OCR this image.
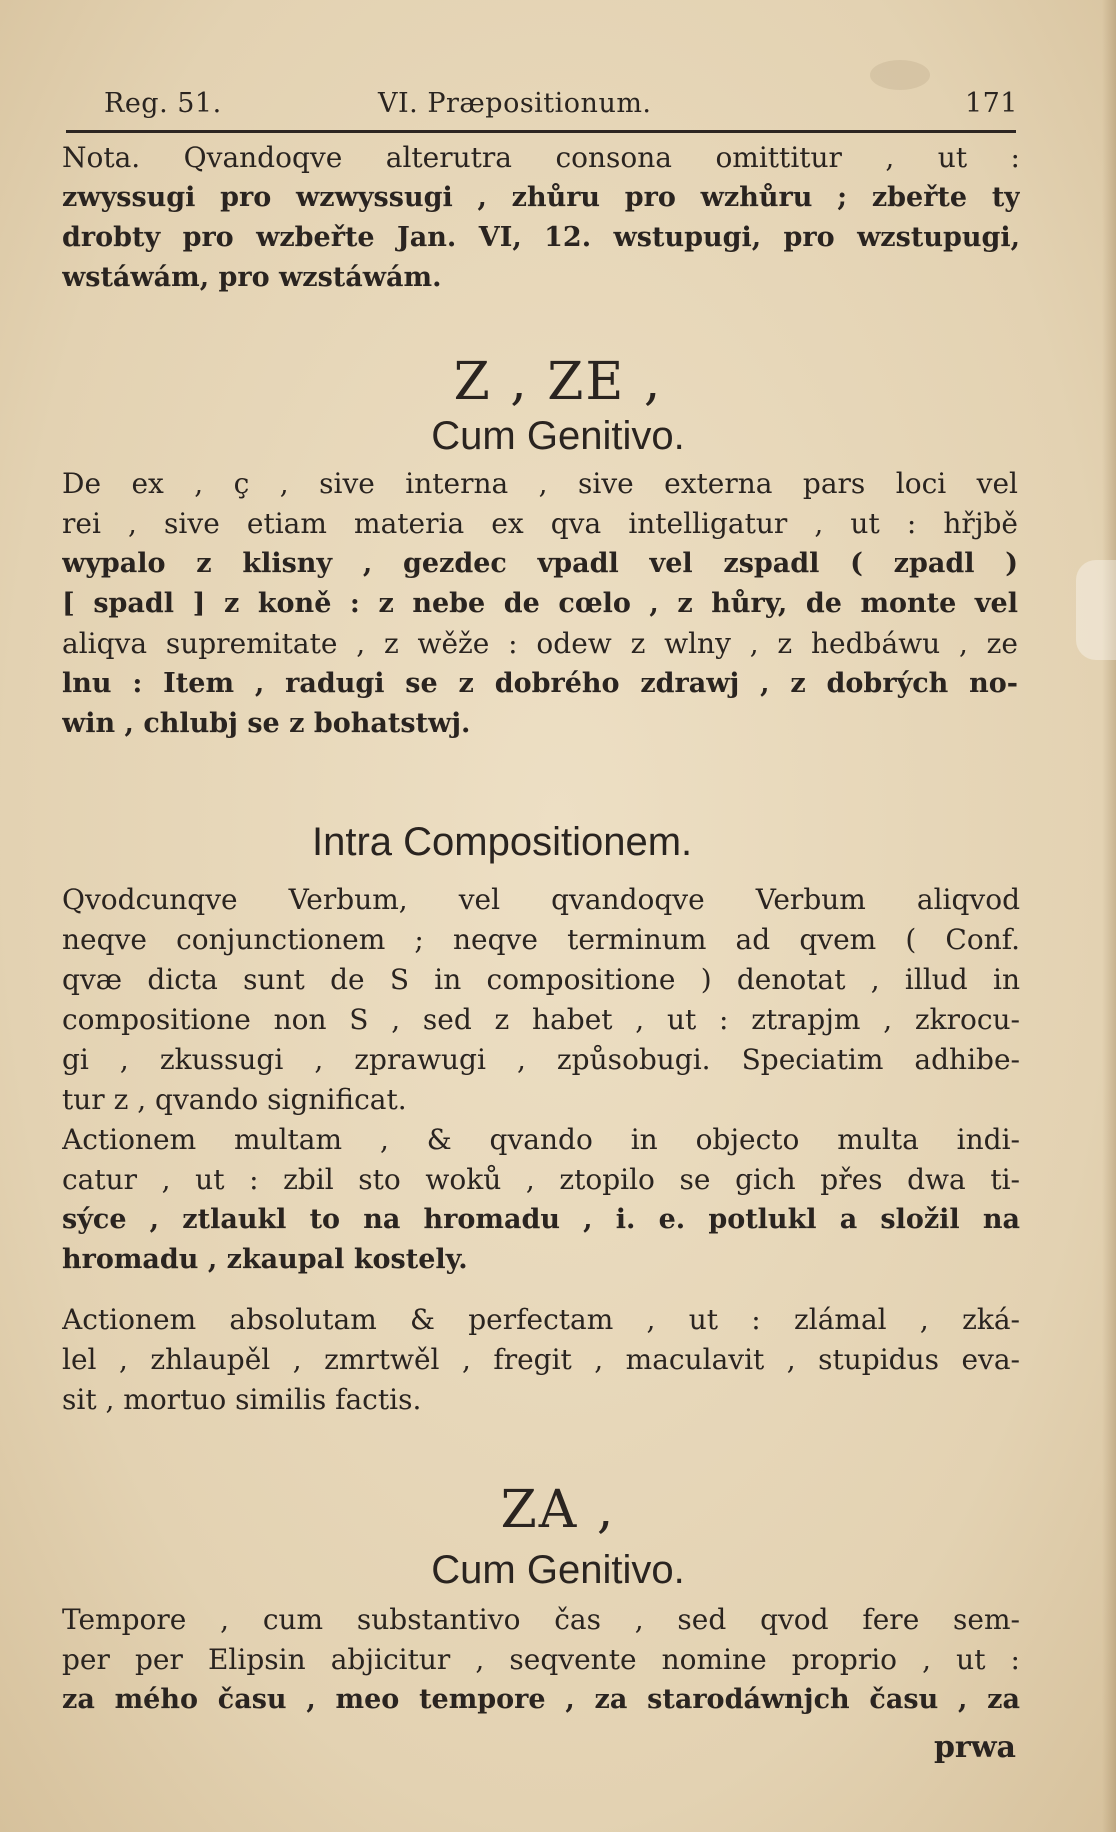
Reg. 51.	VI. Præpositionum.	171
Nota. Qvandoqve alterutra consona omittitur , ut :
zwyssugi pro wzwyssugi , zhůru pro wzhůru ; zbeřte ty
drobty pro wzbeřte Jan. VI, 12. wstupugi, pro wzstupugi,
wstáwám, pro wzstáwám.
Z , ZE ,
Cum Genitivo.
De ex , ç , sive interna , sive externa pars loci vel
rei , sive etiam materia ex qva intelligatur , ut : hřjbě
wypalo z klisny , gezdec vpadl vel zspadl ( zpadl )
[ spadl ] z koně : z nebe de cœlo , z hůry, de monte vel
aliqva supremitate , z wěže : odew z wlny , z hedbáwu , ze
lnu : Item , radugi se z dobrého zdrawj , z dobrých no-
win , chlubj se z bohatstwj.
Intra Compositionem.
Qvodcunqve Verbum, vel qvandoqve Verbum aliqvod
neqve conjunctionem ; neqve terminum ad qvem ( Conf.
qvæ dicta sunt de S in compositione ) denotat , illud in
compositione non S , sed z habet , ut : ztrapjm , zkrocu-
gi , zkussugi , zprawugi , způsobugi. Speciatim adhibe-
tur z , qvando significat.
Actionem multam , & qvando in objecto multa indi-
catur , ut : zbil sto woků , ztopilo se gich přes dwa ti-
sýce , ztlaukl to na hromadu , i. e. potlukl a složil na
hromadu , zkaupal kostely.
Actionem absolutam & perfectam , ut : zlámal , zká-
lel , zhlaupěl , zmrtwěl , fregit , maculavit , stupidus eva-
sit , mortuo similis factis.
ZA ,
Cum Genitivo.
Tempore , cum substantivo čas , sed qvod fere sem-
per per Elipsin abjicitur , seqvente nomine proprio , ut :
za mého času , meo tempore , za starodáwnjch času , za
prwa
